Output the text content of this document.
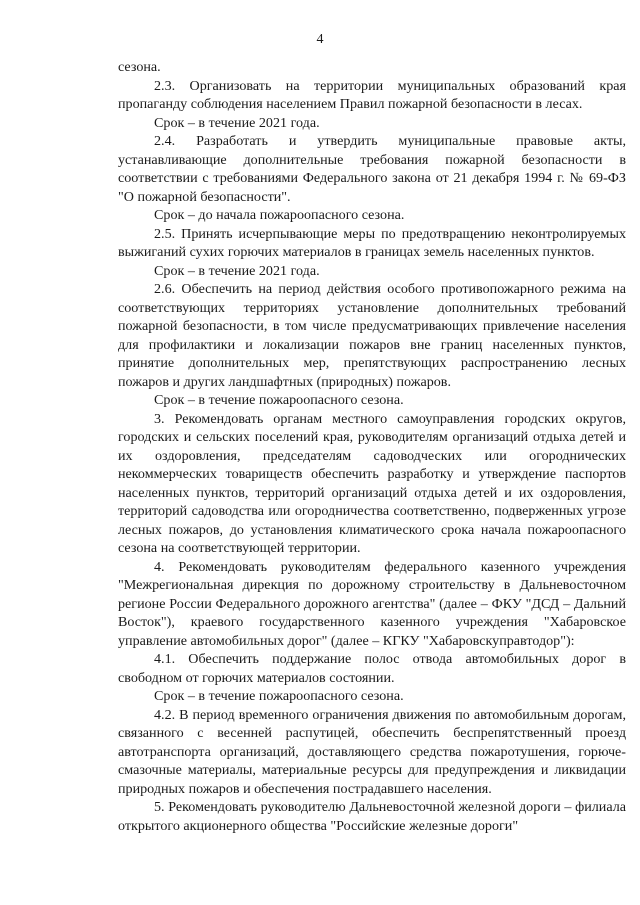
4

сезона.

2.3. Организовать на территории муниципальных образований края пропаганду соблюдения населением Правил пожарной безопасности в лесах.

Срок – в течение 2021 года.

2.4. Разработать и утвердить муниципальные правовые акты, устанавливающие дополнительные требования пожарной безопасности в соответствии с требованиями Федерального закона от 21 декабря 1994 г. № 69-ФЗ "О пожарной безопасности".

Срок – до начала пожароопасного сезона.

2.5. Принять исчерпывающие меры по предотвращению неконтролируемых выжиганий сухих горючих материалов в границах земель населенных пунктов.

Срок – в течение 2021 года.

2.6. Обеспечить на период действия особого противопожарного режима на соответствующих территориях установление дополнительных требований пожарной безопасности, в том числе предусматривающих привлечение населения для профилактики и локализации пожаров вне границ населенных пунктов, принятие дополнительных мер, препятствующих распространению лесных пожаров и других ландшафтных (природных) пожаров.

Срок – в течение пожароопасного сезона.

3. Рекомендовать органам местного самоуправления городских округов, городских и сельских поселений края, руководителям организаций отдыха детей и их оздоровления, председателям садоводческих или огороднических некоммерческих товариществ обеспечить разработку и утверждение паспортов населенных пунктов, территорий организаций отдыха детей и их оздоровления, территорий садоводства или огородничества соответственно, подверженных угрозе лесных пожаров, до установления климатического срока начала пожароопасного сезона на соответствующей территории.

4. Рекомендовать руководителям федерального казенного учреждения "Межрегиональная дирекция по дорожному строительству в Дальневосточном регионе России Федерального дорожного агентства" (далее – ФКУ "ДСД – Дальний Восток"), краевого государственного казенного учреждения "Хабаровское управление автомобильных дорог" (далее – КГКУ "Хабаровскуправтодор"):

4.1. Обеспечить поддержание полос отвода автомобильных дорог в свободном от горючих материалов состоянии.

Срок – в течение пожароопасного сезона.

4.2. В период временного ограничения движения по автомобильным дорогам, связанного с весенней распутицей, обеспечить беспрепятственный проезд автотранспорта организаций, доставляющего средства пожаротушения, горюче-смазочные материалы, материальные ресурсы для предупреждения и ликвидации природных пожаров и обеспечения пострадавшего населения.

5. Рекомендовать руководителю Дальневосточной железной дороги – филиала открытого акционерного общества "Российские железные дороги"
